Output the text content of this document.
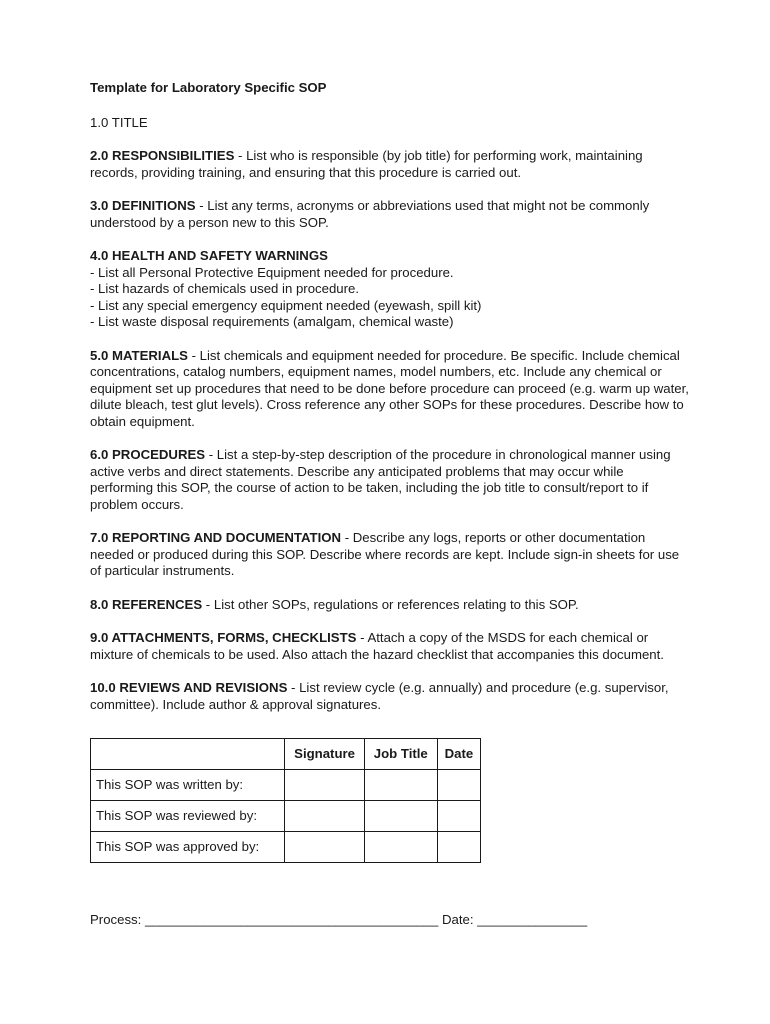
Template for Laboratory Specific SOP

1.0 TITLE

2.0 RESPONSIBILITIES - List who is responsible (by job title) for performing work, maintaining records, providing training, and ensuring that this procedure is carried out.

3.0 DEFINITIONS - List any terms, acronyms or abbreviations used that might not be commonly understood by a person new to this SOP.

4.0 HEALTH AND SAFETY WARNINGS
- List all Personal Protective Equipment needed for procedure.
- List hazards of chemicals used in procedure.
- List any special emergency equipment needed (eyewash, spill kit)
- List waste disposal requirements (amalgam, chemical waste)

5.0 MATERIALS - List chemicals and equipment needed for procedure. Be specific. Include chemical concentrations, catalog numbers, equipment names, model numbers, etc. Include any chemical or equipment set up procedures that need to be done before procedure can proceed (e.g. warm up water, dilute bleach, test glut levels). Cross reference any other SOPs for these procedures. Describe how to obtain equipment.

6.0 PROCEDURES - List a step-by-step description of the procedure in chronological manner using active verbs and direct statements. Describe any anticipated problems that may occur while performing this SOP, the course of action to be taken, including the job title to consult/report to if problem occurs.

7.0 REPORTING AND DOCUMENTATION - Describe any logs, reports or other documentation needed or produced during this SOP. Describe where records are kept. Include sign-in sheets for use of particular instruments.

8.0 REFERENCES - List other SOPs, regulations or references relating to this SOP.

9.0 ATTACHMENTS, FORMS, CHECKLISTS - Attach a copy of the MSDS for each chemical or mixture of chemicals to be used. Also attach the hazard checklist that accompanies this document.

10.0 REVIEWS AND REVISIONS - List review cycle (e.g. annually) and procedure (e.g. supervisor, committee). Include author & approval signatures.

	Signature	Job Title	Date
This SOP was written by:			
This SOP was reviewed by:			
This SOP was approved by:			
Process: ________________________________________ Date: _______________
